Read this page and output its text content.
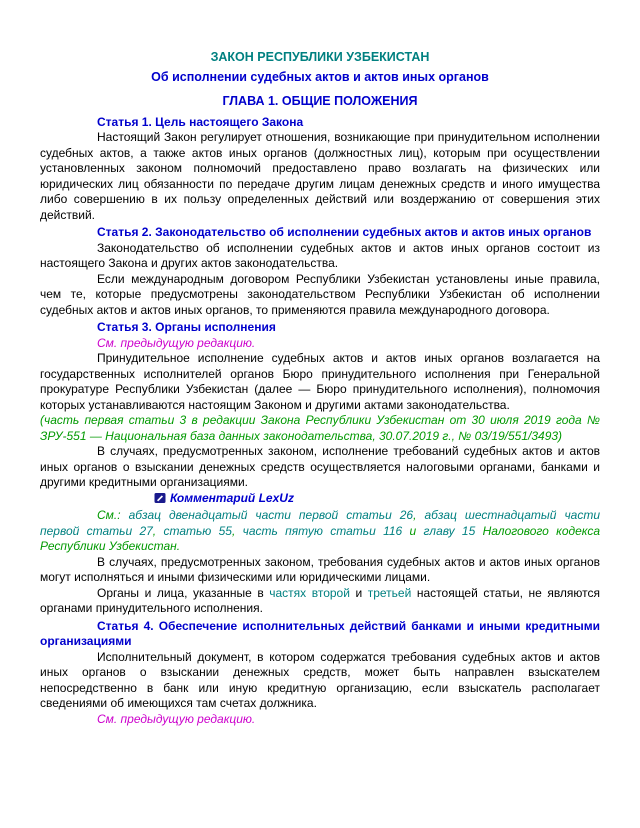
ЗАКОН РЕСПУБЛИКИ УЗБЕКИСТАН

Об исполнении судебных актов и актов иных органов

ГЛАВА 1. ОБЩИЕ ПОЛОЖЕНИЯ

Статья 1. Цель настоящего Закона

Настоящий Закон регулирует отношения, возникающие при принудительном исполнении судебных актов, а также актов иных органов (должностных лиц), которым при осуществлении установленных законом полномочий предоставлено право возлагать на физических или юридических лиц обязанности по передаче другим лицам денежных средств и иного имущества либо совершению в их пользу определенных действий или воздержанию от совершения этих действий.

Статья 2. Законодательство об исполнении судебных актов и актов иных органов

Законодательство об исполнении судебных актов и актов иных органов состоит из настоящего Закона и других актов законодательства.

Если международным договором Республики Узбекистан установлены иные правила, чем те, которые предусмотрены законодательством Республики Узбекистан об исполнении судебных актов и актов иных органов, то применяются правила международного договора.

Статья 3. Органы исполнения

См. предыдущую редакцию.

Принудительное исполнение судебных актов и актов иных органов возлагается на государственных исполнителей органов Бюро принудительного исполнения при Генеральной прокуратуре Республики Узбекистан (далее — Бюро принудительного исполнения), полномочия которых устанавливаются настоящим Законом и другими актами законодательства.

(часть первая статьи 3 в редакции Закона Республики Узбекистан от 30 июля 2019 года № ЗРУ-551 — Национальная база данных законодательства, 30.07.2019 г., № 03/19/551/3493)

В случаях, предусмотренных законом, исполнение требований судебных актов и актов иных органов о взыскании денежных средств осуществляется налоговыми органами, банками и другими кредитными организациями.

Комментарий LexUz

См.: абзац двенадцатый части первой статьи 26, абзац шестнадцатый части первой статьи 27, статью 55, часть пятую статьи 116 и главу 15 Налогового кодекса Республики Узбекистан.

В случаях, предусмотренных законом, требования судебных актов и актов иных органов могут исполняться и иными физическими или юридическими лицами.

Органы и лица, указанные в частях второй и третьей настоящей статьи, не являются органами принудительного исполнения.

Статья 4. Обеспечение исполнительных действий банками и иными кредитными организациями

Исполнительный документ, в котором содержатся требования судебных актов и актов иных органов о взыскании денежных средств, может быть направлен взыскателем непосредственно в банк или иную кредитную организацию, если взыскатель располагает сведениями об имеющихся там счетах должника.

См. предыдущую редакцию.
